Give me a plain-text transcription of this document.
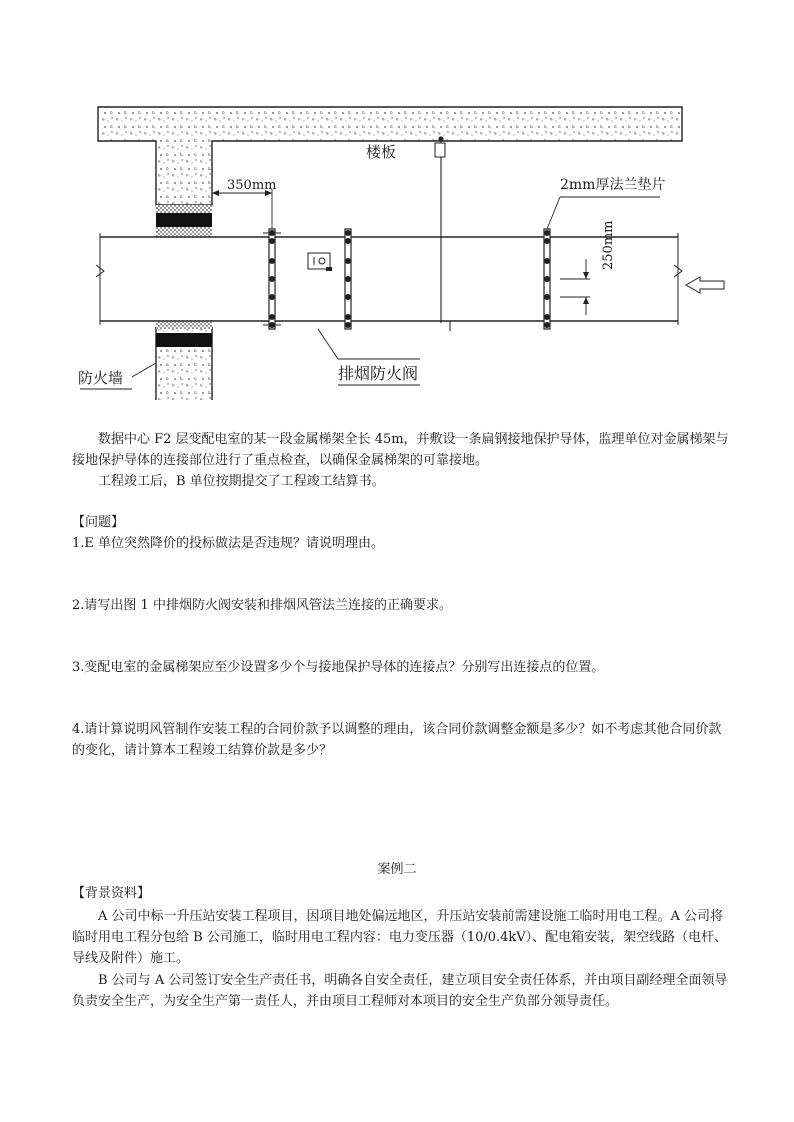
楼板
350mm	2mm厚法兰垫片
250mm
防火墙	排烟防火阀
数据中心 F2 层变配电室的某一段金属梯架全长 45m，并敷设一条扁钢接地保护导体，监理单位对金属梯架与接地保护导体的连接部位进行了重点检查，以确保金属梯架的可靠接地。
工程竣工后，B 单位按期提交了工程竣工结算书。
【问题】
1.E 单位突然降价的投标做法是否违规？请说明理由。
2.请写出图 1 中排烟防火阀安装和排烟风管法兰连接的正确要求。
3.变配电室的金属梯架应至少设置多少个与接地保护导体的连接点？分别写出连接点的位置。
4.请计算说明风管制作安装工程的合同价款予以调整的理由，该合同价款调整金额是多少？如不考虑其他合同价款的变化，请计算本工程竣工结算价款是多少？
案例二
【背景资料】
A 公司中标一升压站安装工程项目，因项目地处偏远地区，升压站安装前需建设施工临时用电工程。A 公司将临时用电工程分包给 B 公司施工，临时用电工程内容：电力变压器（10/0.4kV）、配电箱安装，架空线路（电杆、导线及附件）施工。
B 公司与 A 公司签订安全生产责任书，明确各自安全责任，建立项目安全责任体系，并由项目副经理全面领导负责安全生产，为安全生产第一责任人，并由项目工程师对本项目的安全生产负部分领导责任。
